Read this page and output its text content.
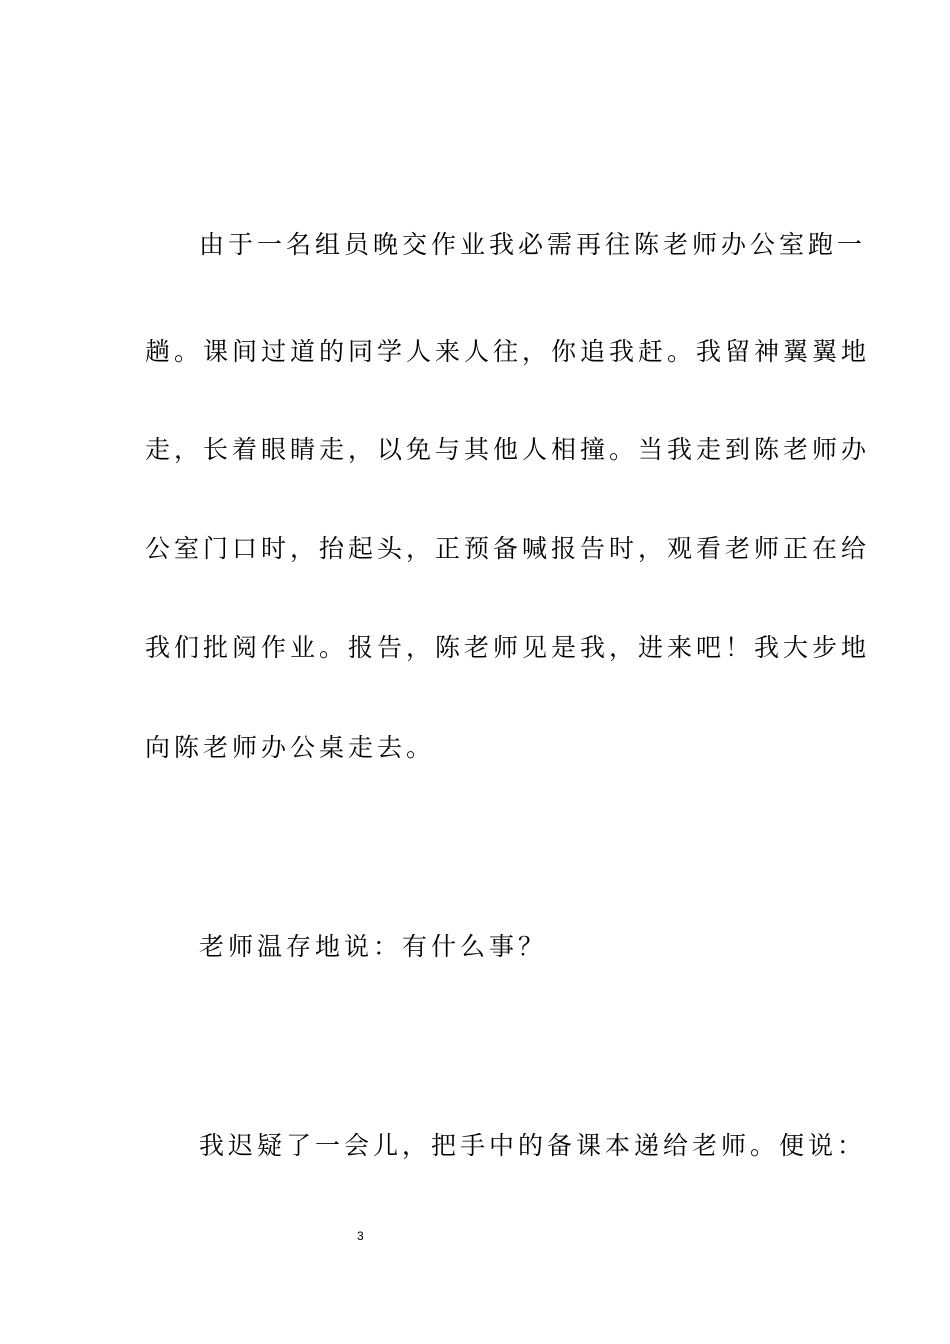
由于一名组员晚交作业我必需再往陈老师办公室跑一
趟。课间过道的同学人来人往，你追我赶。我留神翼翼地
走，长着眼睛走，以免与其他人相撞。当我走到陈老师办
公室门口时，抬起头，正预备喊报告时，观看老师正在给
我们批阅作业。报告，陈老师见是我，进来吧！我大步地
向陈老师办公桌走去。
老师温存地说：有什么事？
我迟疑了一会儿，把手中的备课本递给老师。便说：
3
